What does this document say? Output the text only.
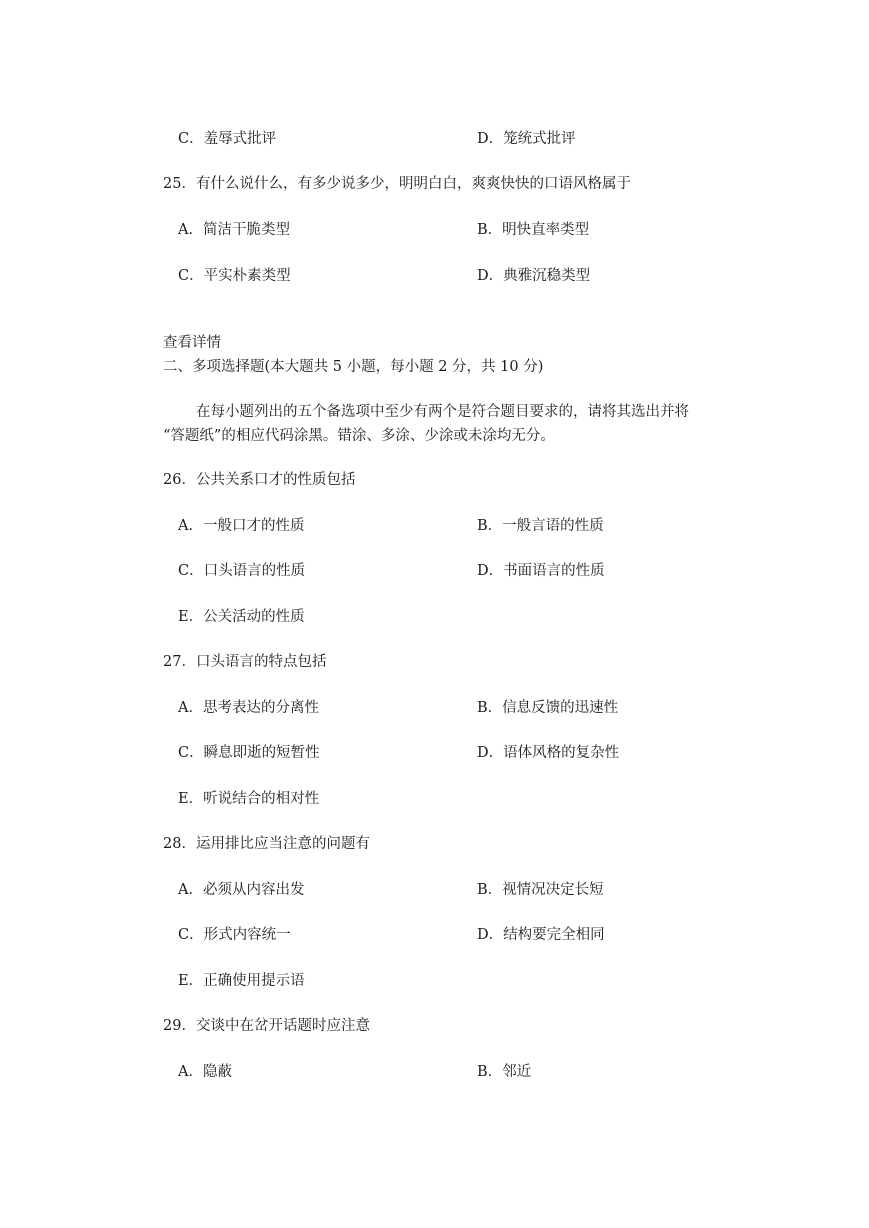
C．羞辱式批评	D．笼统式批评
25．有什么说什么，有多少说多少，明明白白，爽爽快快的口语风格属于
A．简洁干脆类型	B．明快直率类型
C．平实朴素类型	D．典雅沉稳类型
查看详情
二、多项选择题(本大题共 5 小题，每小题 2 分，共 10 分)
在每小题列出的五个备选项中至少有两个是符合题目要求的，请将其选出并将
“答题纸”的相应代码涂黑。错涂、多涂、少涂或未涂均无分。
26．公共关系口才的性质包括
A．一般口才的性质	B．一般言语的性质
C．口头语言的性质	D．书面语言的性质
E．公关活动的性质
27．口头语言的特点包括
A．思考表达的分离性	B．信息反馈的迅速性
C．瞬息即逝的短暂性	D．语体风格的复杂性
E．听说结合的相对性
28．运用排比应当注意的问题有
A．必须从内容出发	B．视情况决定长短
C．形式内容统一	D．结构要完全相同
E．正确使用提示语
29．交谈中在岔开话题时应注意
A．隐蔽	B．邻近
